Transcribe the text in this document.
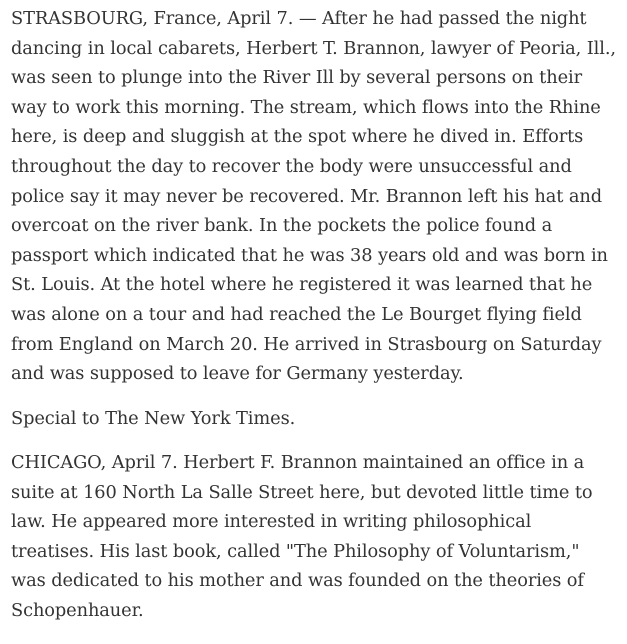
STRASBOURG, France, April 7. — After he had passed the night dancing in local cabarets, Herbert T. Brannon, lawyer of Peoria, Ill., was seen to plunge into the River Ill by several persons on their way to work this morning. The stream, which flows into the Rhine here, is deep and sluggish at the spot where he dived in. Efforts throughout the day to recover the body were unsuccessful and police say it may never be recovered. Mr. Brannon left his hat and overcoat on the river bank. In the pockets the police found a passport which indicated that he was 38 years old and was born in St. Louis. At the hotel where he registered it was learned that he was alone on a tour and had reached the Le Bourget flying field from England on March 20. He arrived in Strasbourg on Saturday and was supposed to leave for Germany yesterday.

Special to The New York Times.

CHICAGO, April 7. Herbert F. Brannon maintained an office in a suite at 160 North La Salle Street here, but devoted little time to law. He appeared more interested in writing philosophical treatises. His last book, called "The Philosophy of Voluntarism," was dedicated to his mother and was founded on the theories of Schopenhauer.
